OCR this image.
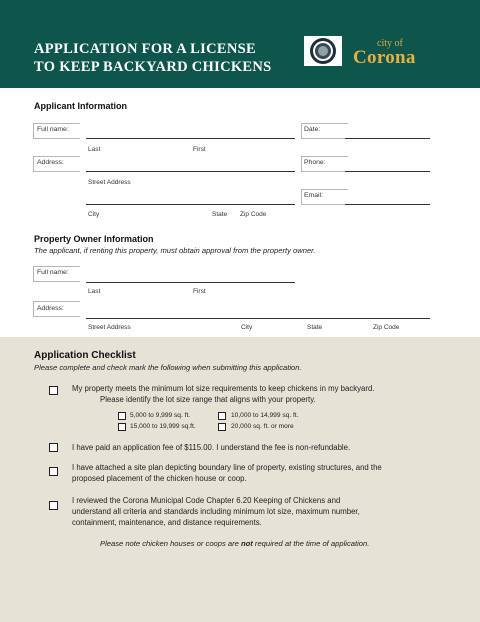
APPLICATION FOR A LICENSE
TO KEEP BACKYARD CHICKENS
city of
Corona
Applicant Information
Full name:
Last	First
Date:
Address:	Phone:
Street Address
Email:
City	State Zip Code
Property Owner Information
The applicant, if renting this property, must obtain approval from the property owner.
Full name:
Last	First
Address:
Street Address	City	State	Zip Code
Application Checklist
Please complete and check mark the following when submitting this application.
My property meets the minimum lot size requirements to keep chickens in my backyard.
Please identify the lot size range that aligns with your property.
5,000 to 9,999 sq. ft.	10,000 to 14,999 sq. ft.
15,000 to 19,999 sq.ft.	20,000 sq. ft. or more
I have paid an application fee of $115.00. I understand the fee is non-refundable.
I have attached a site plan depicting boundary line of property, existing structures, and the
proposed placement of the chicken house or coop.
I reviewed the Corona Municipal Code Chapter 6.20 Keeping of Chickens and
understand all criteria and standards including minimum lot size, maximum number,
containment, maintenance, and distance requirements.
Please note chicken houses or coops are not required at the time of application.
